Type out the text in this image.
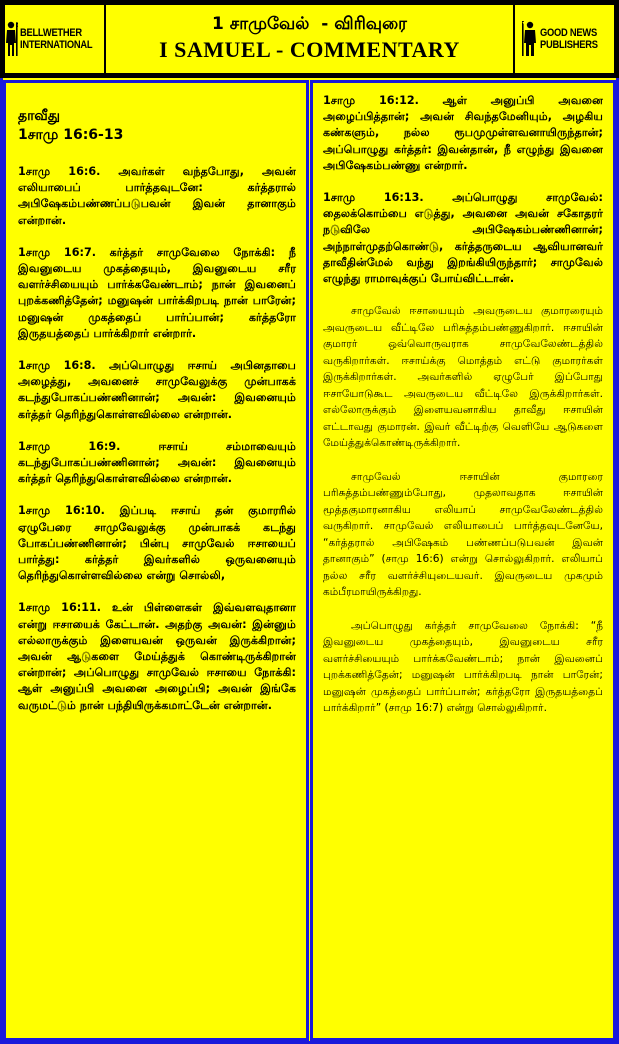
BELLWETHER
INTERNATIONAL
1 சாமுவேல்  - விரிவுரை
I SAMUEL - COMMENTARY
GOOD NEWS
PUBLISHERS
தாவீது
1சாமு 16:6-13

1சாமு 16:6. அவர்கள் வந்தபோது, அவன் எலியாபைப் பார்த்தவுடனே: கர்த்தரால் அபிஷேகம்பண்ணப்படுபவன் இவன் தானாகும் என்றான்.

1சாமு 16:7. கர்த்தர் சாமுவேலை நோக்கி: நீ இவனுடைய முகத்தையும், இவனுடைய சரீர வளர்ச்சியையும் பார்க்கவேண்டாம்; நான் இவனைப் புறக்கணித்தேன்; மனுஷன் பார்க்கிறபடி நான் பாரேன்; மனுஷன் முகத்தைப் பார்ப்பான்; கர்த்தரோ இருதயத்தைப் பார்க்கிறார் என்றார்.

1சாமு 16:8. அப்பொழுது ஈசாய் அபினதாபை அழைத்து, அவனைச் சாமுவேலுக்கு முன்பாகக் கடந்துபோகப்பண்ணினான்; அவன்: இவனையும் கர்த்தர் தெரிந்துகொள்ளவில்லை என்றான்.

1சாமு 16:9. ஈசாய் சம்மாவையும் கடந்துபோகப்பண்ணினான்; அவன்: இவனையும் கர்த்தர் தெரிந்துகொள்ளவில்லை என்றான்.

1சாமு 16:10. இப்படி ஈசாய் தன் குமாரரில் ஏழுபேரை சாமுவேலுக்கு முன்பாகக் கடந்து போகப்பண்ணினான்; பின்பு சாமுவேல் ஈசாயைப் பார்த்து: கர்த்தர் இவர்களில் ஒருவனையும் தெரிந்துகொள்ளவில்லை என்று சொல்லி,

1சாமு 16:11. உன் பிள்ளைகள் இவ்வளவுதானா என்று ஈசாயைக் கேட்டான். அதற்கு அவன்: இன்னும் எல்லாருக்கும் இளையவன் ஒருவன் இருக்கிறான்; அவன் ஆடுகளை மேய்த்துக் கொண்டிருக்கிறான் என்றான்; அப்பொழுது சாமுவேல் ஈசாயை நோக்கி: ஆள் அனுப்பி அவனை அழைப்பி; அவன் இங்கே வருமட்டும் நான் பந்தியிருக்கமாட்டேன் என்றான்.

1சாமு 16:12. ஆள் அனுப்பி அவனை அழைப்பித்தான்; அவன் சிவந்தமேனியும், அழகிய கண்களும், நல்ல ரூபமுமுள்ளவனாயிருந்தான்; அப்பொழுது கர்த்தர்: இவன்தான், நீ எழுந்து இவனை அபிஷேகம்பண்ணு என்றார்.

1சாமு 16:13. அப்பொழுது சாமுவேல்: தைலக்கொம்பை எடுத்து, அவனை அவன் சகோதரர் நடுவிலே அபிஷேகம்பண்ணினான்; அந்நாள்முதற்கொண்டு, கர்த்தருடைய ஆவியானவர் தாவீதின்மேல் வந்து இறங்கியிருந்தார்; சாமுவேல் எழுந்து ராமாவுக்குப் போய்விட்டான்.

சாமுவேல் ஈசாயையும் அவருடைய குமாரரையும் அவருடைய வீட்டிலே பரிசுத்தம்பண்ணுகிறார். ஈசாயின் குமாரர் ஒவ்வொருவராக சாமுவேலேண்டத்தில் வருகிறார்கள். ஈசாய்க்கு மொத்தம் எட்டு குமாரர்கள் இருக்கிறார்கள். அவர்களில் ஏழுபேர் இப்போது ஈசாயோடுகூட அவருடைய வீட்டிலே இருக்கிறார்கள். எல்லோருக்கும் இளையவனாகிய தாவீது ஈசாயின் எட்டாவது குமாரன். இவர் வீட்டிற்கு வெளியே ஆடுகளை மேய்த்துக்கொண்டிருக்கிறார்.

சாமுவேல் ஈசாயின் குமாரரை பரிசுத்தம்பண்ணும்போது, முதலாவதாக ஈசாயின் மூத்தகுமாரனாகிய எலியாப் சாமுவேலேண்டத்தில் வருகிறார். சாமுவேல் எலியாபைப் பார்த்தவுடனேயே, “கர்த்தரால் அபிஷேகம் பண்ணப்படுபவன் இவன் தானாகும்” (சாமு 16:6) என்று சொல்லுகிறார். எலியாப் நல்ல சரீர வளர்ச்சியுடையவர். இவருடைய முகமும் கம்பீரமாயிருக்கிறது.

அப்பொழுது கர்த்தர் சாமுவேலை நோக்கி: “நீ இவனுடைய முகத்தையும், இவனுடைய சரீர வளர்ச்சியையும் பார்க்கவேண்டாம்; நான் இவனைப் புறக்கணித்தேன்; மனுஷன் பார்க்கிறபடி நான் பாரேன்; மனுஷன் முகத்தைப் பார்ப்பான்; கர்த்தரோ இருதயத்தைப் பார்க்கிறார்” (சாமு 16:7) என்று சொல்லுகிறார்.
